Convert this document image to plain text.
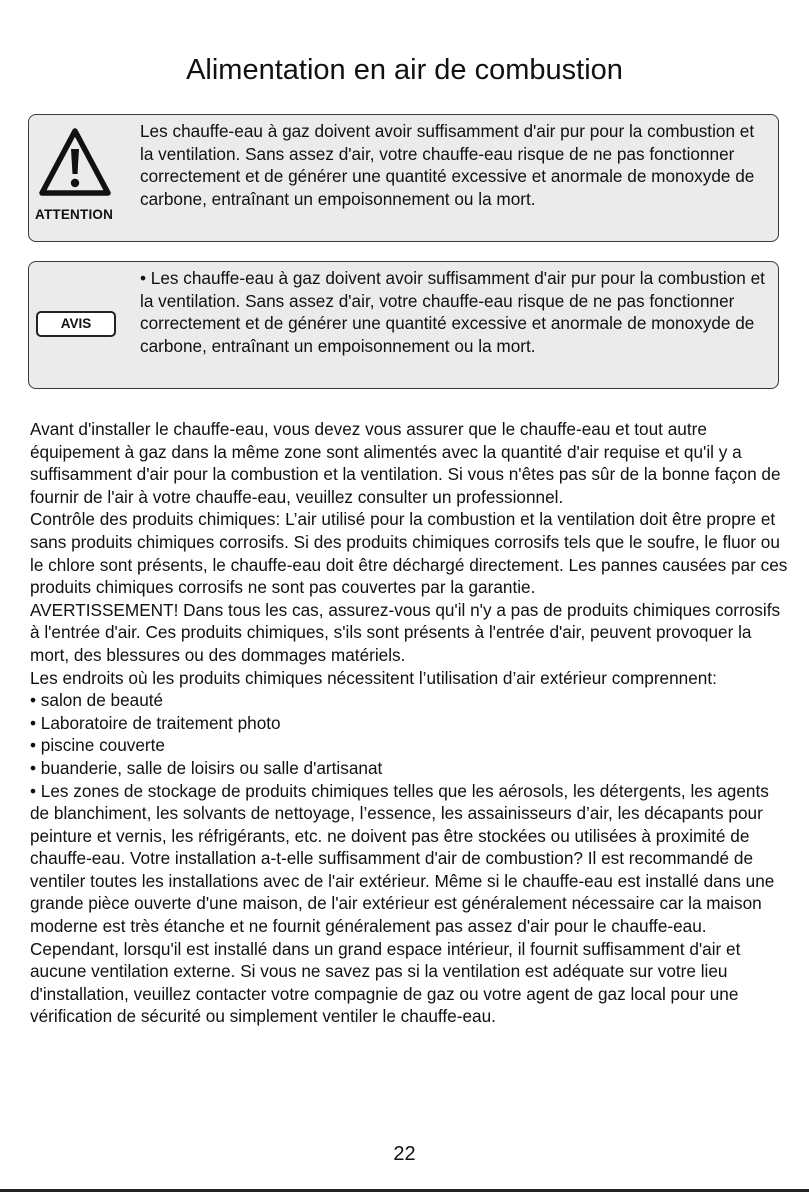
Alimentation en air de combustion
ATTENTION

Les chauffe-eau à gaz doivent avoir suffisamment d'air pur pour la combustion et la ventilation. Sans assez d'air, votre chauffe-eau risque de ne pas fonctionner correctement et de générer une quantité excessive et anormale de monoxyde de carbone, entraînant un empoisonnement ou la mort.

AVIS

• Les chauffe-eau à gaz doivent avoir suffisamment d'air pur pour la combustion et la ventilation. Sans assez d'air, votre chauffe-eau risque de ne pas fonctionner correctement et de générer une quantité excessive et anormale de monoxyde de carbone, entraînant un empoisonnement ou la mort.

Avant d'installer le chauffe-eau, vous devez vous assurer que le chauffe-eau et tout autre équipement à gaz dans la même zone sont alimentés avec la quantité d'air requise et qu'il y a suffisamment d'air pour la combustion et la ventilation. Si vous n'êtes pas sûr de la bonne façon de fournir de l'air à votre chauffe-eau, veuillez consulter un professionnel.
Contrôle des produits chimiques: L’air utilisé pour la combustion et la ventilation doit être propre et sans produits chimiques corrosifs. Si des produits chimiques corrosifs tels que le soufre, le fluor ou le chlore sont présents, le chauffe-eau doit être déchargé directement. Les pannes causées par ces produits chimiques corrosifs ne sont pas couvertes par la garantie.
AVERTISSEMENT! Dans tous les cas, assurez-vous qu'il n'y a pas de produits chimiques corrosifs à l'entrée d'air. Ces produits chimiques, s'ils sont présents à l'entrée d'air, peuvent provoquer la mort, des blessures ou des dommages matériels.
Les endroits où les produits chimiques nécessitent l’utilisation d’air extérieur comprennent:
• salon de beauté
• Laboratoire de traitement photo
• piscine couverte
• buanderie, salle de loisirs ou salle d'artisanat
• Les zones de stockage de produits chimiques telles que les aérosols, les détergents, les agents de blanchiment, les solvants de nettoyage, l’essence, les assainisseurs d’air, les décapants pour peinture et vernis, les réfrigérants, etc. ne doivent pas être stockées ou utilisées à proximité de chauffe-eau. Votre installation a-t-elle suffisamment d'air de combustion? Il est recommandé de ventiler toutes les installations avec de l'air extérieur. Même si le chauffe-eau est installé dans une grande pièce ouverte d'une maison, de l'air extérieur est généralement nécessaire car la maison moderne est très étanche et ne fournit généralement pas assez d'air pour le chauffe-eau. Cependant, lorsqu'il est installé dans un grand espace intérieur, il fournit suffisamment d'air et aucune ventilation externe. Si vous ne savez pas si la ventilation est adéquate sur votre lieu d'installation, veuillez contacter votre compagnie de gaz ou votre agent de gaz local pour une vérification de sécurité ou simplement ventiler le chauffe-eau.
22
